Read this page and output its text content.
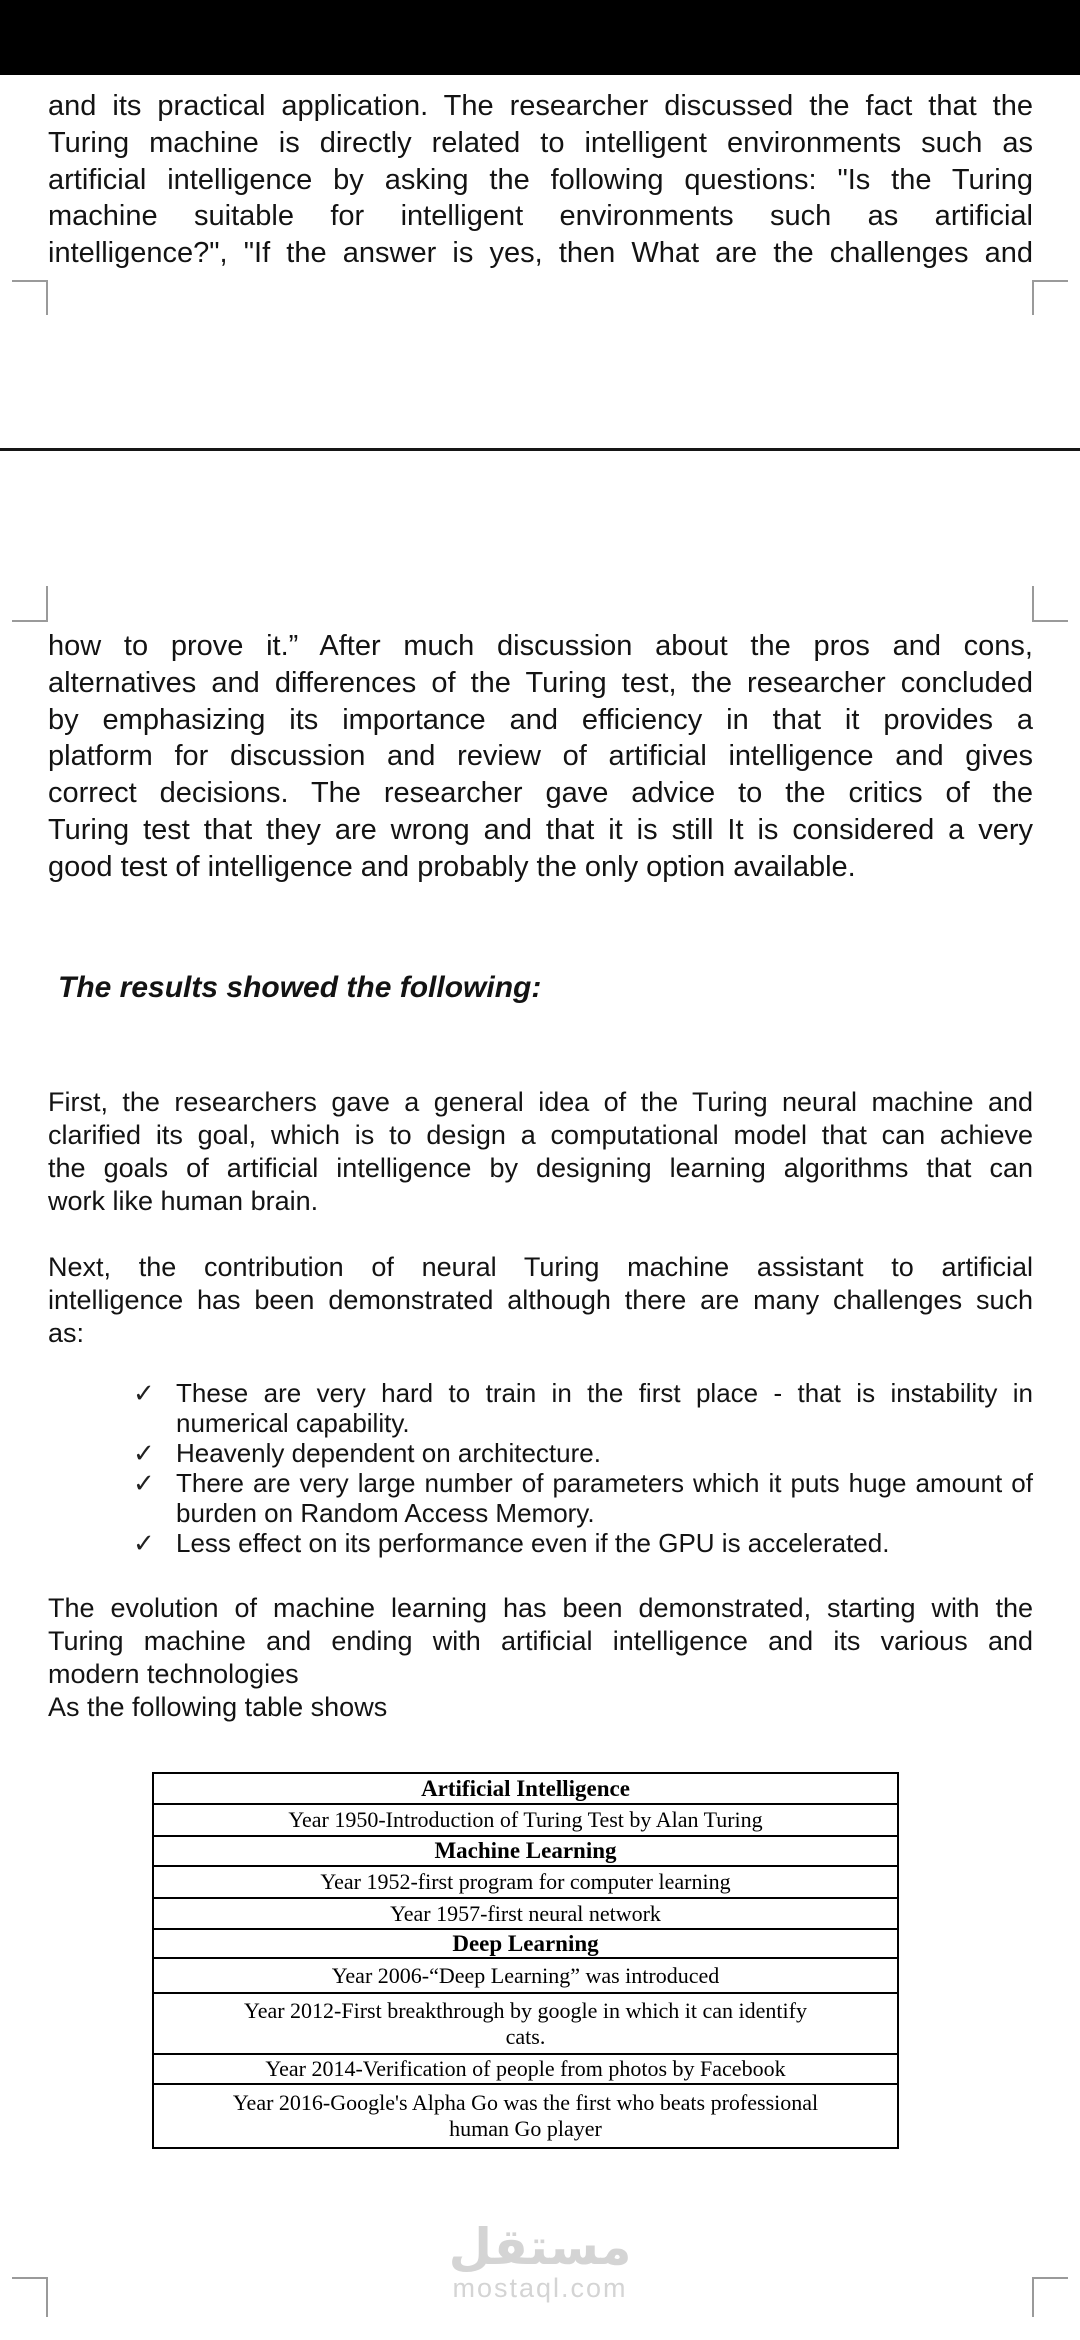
and its practical application. The researcher discussed the fact that the
Turing machine is directly related to intelligent environments such as
artificial intelligence by asking the following questions: "Is the Turing
machine suitable for intelligent environments such as artificial
intelligence?", "If the answer is yes, then What are the challenges and
how to prove it.” After much discussion about the pros and cons,
alternatives and differences of the Turing test, the researcher concluded
by emphasizing its importance and efficiency in that it provides a
platform for discussion and review of artificial intelligence and gives
correct decisions. The researcher gave advice to the critics of the
Turing test that they are wrong and that it is still It is considered a very
good test of intelligence and probably the only option available.
The results showed the following:
First, the researchers gave a general idea of the Turing neural machine and
clarified its goal, which is to design a computational model that can achieve
the goals of artificial intelligence by designing learning algorithms that can
work like human brain.
Next, the contribution of neural Turing machine assistant to artificial
intelligence has been demonstrated although there are many challenges such
as:
✓ These are very hard to train in the first place - that is instability in
numerical capability.
✓ Heavenly dependent on architecture.
✓ There are very large number of parameters which it puts huge amount of
burden on Random Access Memory.
✓ Less effect on its performance even if the GPU is accelerated.
The evolution of machine learning has been demonstrated, starting with the
Turing machine and ending with artificial intelligence and its various and
modern technologies
As the following table shows
Artificial Intelligence
Year 1950-Introduction of Turing Test by Alan Turing
Machine Learning
Year 1952-first program for computer learning
Year 1957-first neural network
Deep Learning
Year 2006-“Deep Learning” was introduced
Year 2012-First breakthrough by google in which it can identify
cats.
Year 2014-Verification of people from photos by Facebook
Year 2016-Google's Alpha Go was the first who beats professional
human Go player
مستقل
mostaql.com
